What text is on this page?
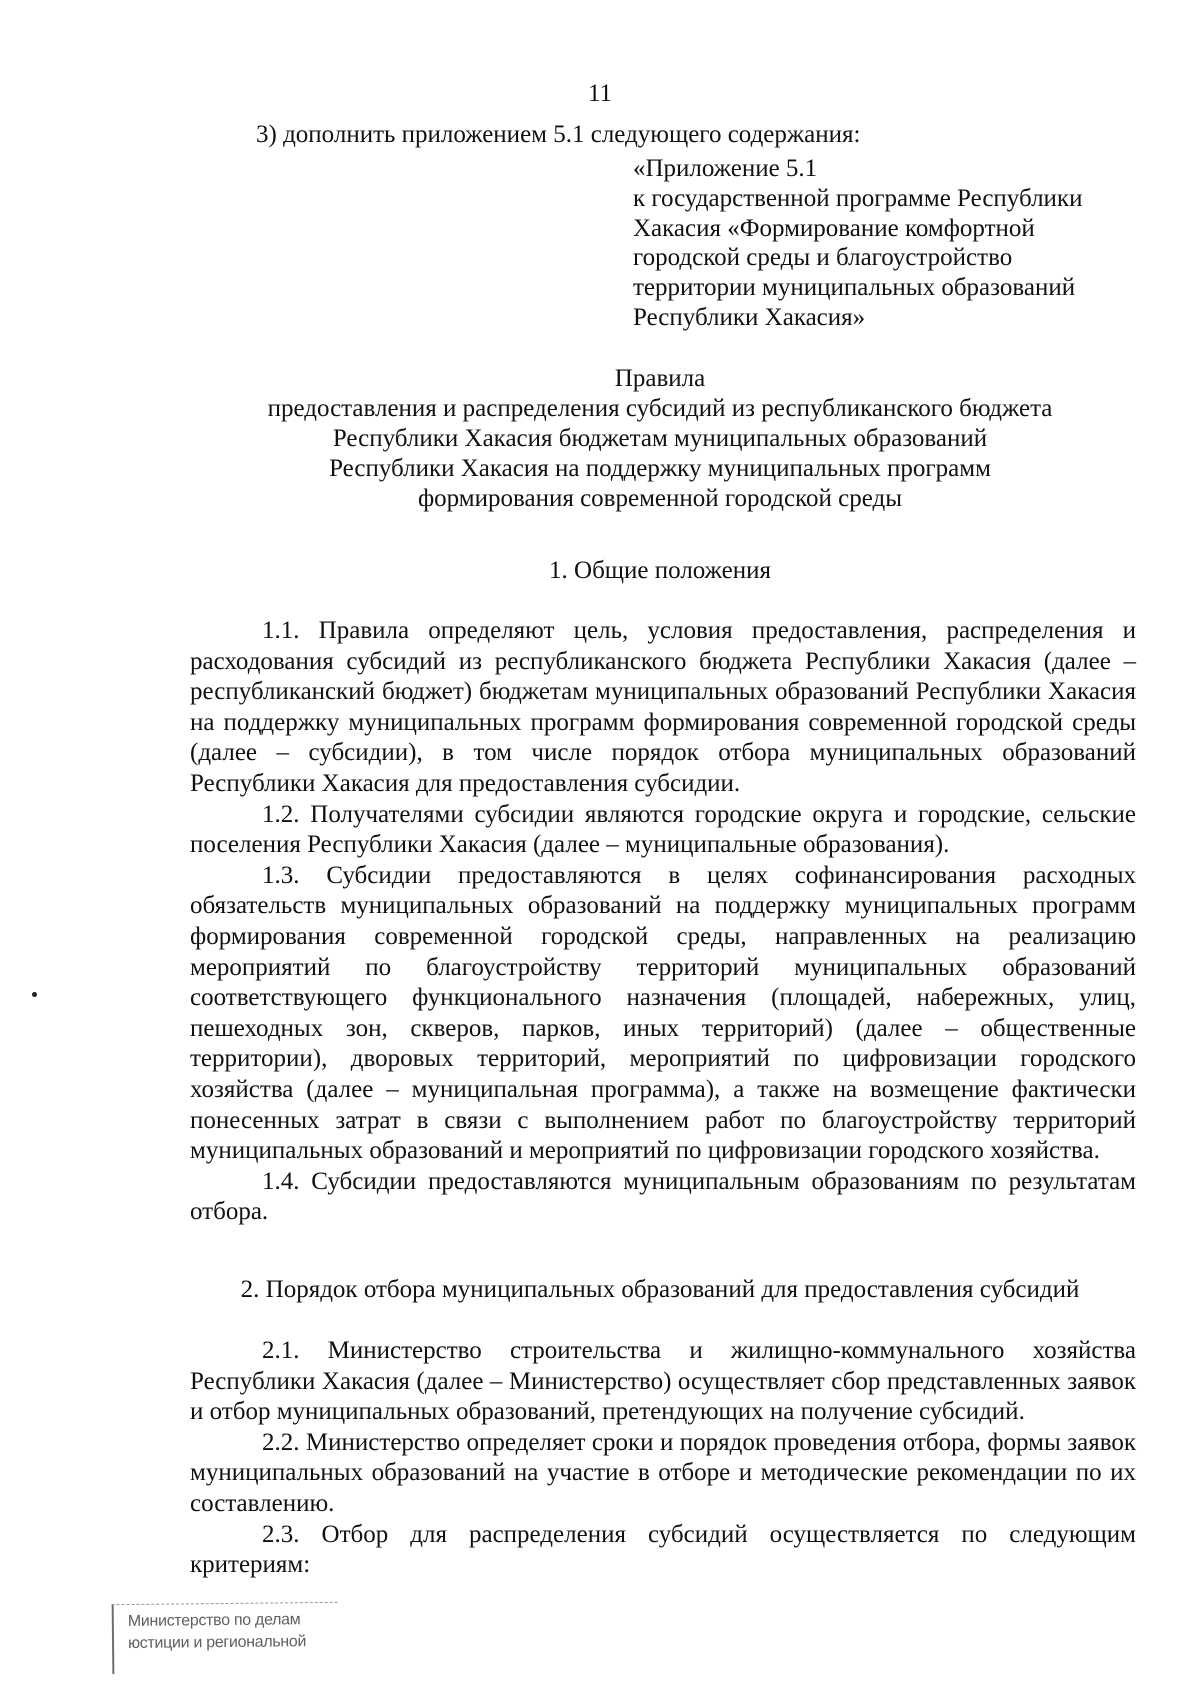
11
3) дополнить приложением 5.1 следующего содержания:
«Приложение 5.1
к государственной программе Республики
Хакасия «Формирование комфортной
городской среды и благоустройство
территории муниципальных образований
Республики Хакасия»
Правила
предоставления и распределения субсидий из республиканского бюджета
Республики Хакасия бюджетам муниципальных образований
Республики Хакасия на поддержку муниципальных программ
формирования современной городской среды
1. Общие положения

1.1. Правила определяют цель, условия предоставления, распределения и расходования субсидий из республиканского бюджета Республики Хакасия (далее – республиканский бюджет) бюджетам муниципальных образований Республики Хакасия на поддержку муниципальных программ формирования современной городской среды (далее – субсидии), в том числе порядок отбора муниципальных образований Республики Хакасия для предоставления субсидии.

1.2. Получателями субсидии являются городские округа и городские, сельские поселения Республики Хакасия (далее – муниципальные образования).

1.3. Субсидии предоставляются в целях софинансирования расходных обязательств муниципальных образований на поддержку муниципальных программ формирования современной городской среды, направленных на реализацию мероприятий по благоустройству территорий муниципальных образований соответствующего функционального назначения (площадей, набережных, улиц, пешеходных зон, скверов, парков, иных территорий) (далее – общественные территории), дворовых территорий, мероприятий по цифровизации городского хозяйства (далее – муниципальная программа), а также на возмещение фактически понесенных затрат в связи с выполнением работ по благоустройству территорий муниципальных образований и мероприятий по цифровизации городского хозяйства.

1.4. Субсидии предоставляются муниципальным образованиям по результатам отбора.

2. Порядок отбора муниципальных образований для предоставления субсидий

2.1. Министерство строительства и жилищно-коммунального хозяйства Республики Хакасия (далее – Министерство) осуществляет сбор представленных заявок и отбор муниципальных образований, претендующих на получение субсидий.

2.2. Министерство определяет сроки и порядок проведения отбора, формы заявок муниципальных образований на участие в отборе и методические рекомендации по их составлению.

2.3. Отбор для распределения субсидий осуществляется по следующим критериям:

Министерство по делам
юстиции и региональной
